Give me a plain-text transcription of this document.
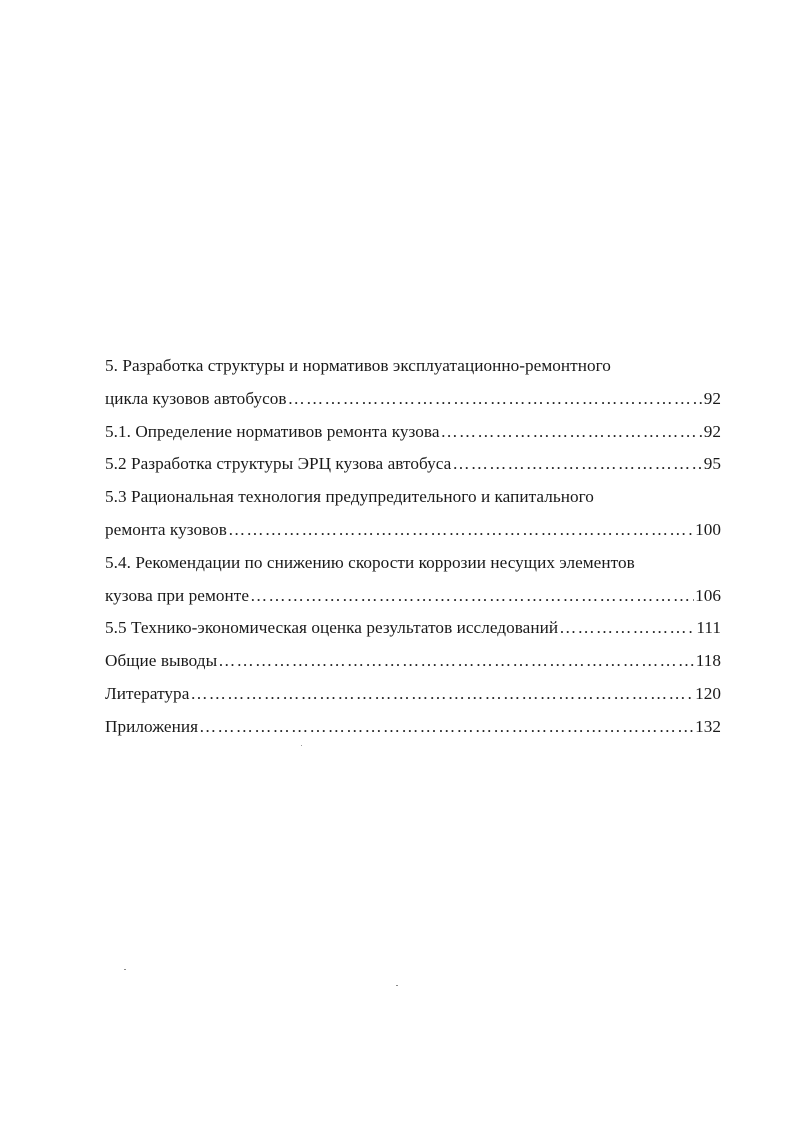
5. Разработка структуры и нормативов эксплуатационно-ремонтного
цикла кузовов автобусов ……………………………………………………………………………………………………………………………………………………………	92
5.1. Определение нормативов ремонта кузова ……………………………………………………………………………………………………………………………………………………………	92
5.2 Разработка структуры ЭРЦ кузова автобуса ……………………………………………………………………………………………………………………………………………………………	95
5.3 Рациональная технология предупредительного и капитального
ремонта кузовов ……………………………………………………………………………………………………………………………………………………………	100
5.4. Рекомендации по снижению скорости коррозии несущих элементов
кузова при ремонте ……………………………………………………………………………………………………………………………………………………………	106
5.5 Технико-экономическая оценка результатов исследований ……………………………………………………………………………………………………………………………………………………………	111
Общие выводы ……………………………………………………………………………………………………………………………………………………………	118
Литература ……………………………………………………………………………………………………………………………………………………………	120
Приложения ……………………………………………………………………………………………………………………………………………………………	132
